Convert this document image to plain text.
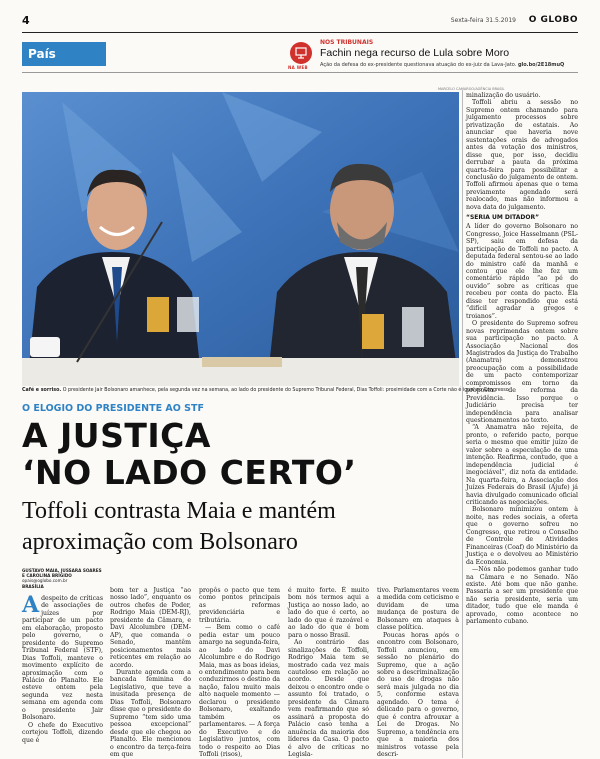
4	Sexta-feira 31.5.2019 O GLOBO
País
NA WEB
NOS TRIBUNAIS
Fachin nega recurso de Lula sobre Moro
Ação da defesa do ex-presidente questionava atuação do ex-juiz da Lava-Jato. glo.bo/2E18muQ
MARCELO CAMARGO/AGÊNCIA BRASIL
Café e sorriso. O presidente Jair Bolsonaro amanhece, pela segunda vez na semana, ao lado do presidente do Supremo Tribunal Federal, Dias Toffoli: proximidade com a Corte não é igual no Congresso
O ELOGIO DO PRESIDENTE AO STF
A JUSTIÇA
‘NO LADO CERTO’
Toffoli contrasta Maia e mantém aproximação com Bolsonaro
GUSTAVO MAIA, JUSSARA SOARES E CAROLINA BRÍGIDO
opais@oglobo.com.br
BRASÍLIA

Adespeito de críticas de associações de juízes por participar de um pacto em elaboração, proposto pelo governo, o presidente do Supremo Tribunal Federal (STF), Dias Toffoli, manteve o movimento explícito de aproximação com o Palácio do Planalto. Ele esteve ontem pela segunda vez nesta semana em agenda com o presidente Jair Bolsonaro.

O chefe do Executivo cortejou Toffoli, dizendo que é

bom ter a Justiça “ao nosso lado”, enquanto os outros chefes de Poder, Rodrigo Maia (DEM-RJ), presidente da Câmara, e Davi Alcolumbre (DEM-AP), que comanda o Senado, mantêm posicionamentos mais reticentes em relação ao acordo.

Durante agenda com a bancada feminina do Legislativo, que teve a inusitada presença de Dias Toffoli, Bolsonaro disse que o presidente do Supremo “tem sido uma pessoa excepcional” desde que ele chegou ao Planalto. Ele mencionou o encontro da terça-feira em que

propôs o pacto que tem como pontos principais as reformas previdenciária e tributária.

— Bem como o café pedia estar um pouco amargo na segunda-feira, ao lado do Davi Alcolumbre e do Rodrigo Maia, mas as boas ideias, o entendimento para bem conduzirmos o destino da nação, falou muito mais alto naquele momento — declarou o presidente Bolsonaro, exaltando também os parlamentares. — A força do Executivo e do Legislativo juntos, com todo o respeito ao Dias Toffoli (risos),

é muito forte. É muito bom nós termos aqui a Justiça ao nosso lado, ao lado do que é certo, ao lado do que é razoável e ao lado do que é bom para o nosso Brasil.

Ao contrário das sinalizações de Toffoli, Rodrigo Maia tem se mostrado cada vez mais cauteloso em relação ao acordo. Desde que deixou o encontro onde o assunto foi tratado, o presidente da Câmara vem reafirmando que só assinará a proposta do Palácio caso tenha a anuência da maioria dos líderes da Casa. O pacto é alvo de críticas no Legisla-

tivo. Parlamentares veem a medida com ceticismo e duvidam de uma mudança de postura de Bolsonaro em ataques à classe política.

Poucas horas após o encontro com Bolsonaro, Toffoli anunciou, em sessão no plenário do Supremo, que a ação sobre a descriminalização do uso de drogas não será mais julgada no dia 5, conforme estava agendado. O tema é delicado para o governo, que é contra afrouxar a Lei de Drogas. No Supremo, a tendência era que a maioria dos ministros votasse pela descri-

minalização do usuário.

Toffoli abriu a sessão no Supremo ontem chamando para julgamento processos sobre privatização de estatais. Ao anunciar que haveria nove sustentações orais de advogados antes da votação dos ministros, disse que, por isso, decidiu derrubar a pauta da próxima quarta-feira para possibilitar a conclusão do julgamento de ontem. Toffoli afirmou apenas que o tema previamente agendado será realocado, mas não informou a nova data do julgamento.

“SERIA UM DITADOR”

A líder do governo Bolsonaro no Congresso, Joice Hasselmann (PSL-SP), saiu em defesa da participação de Toffoli no pacto. A deputada federal sentou-se ao lado do ministro café da manhã e contou que ele lhe fez um comentário rápido “ao pé do ouvido” sobre as críticas que recebeu por conta do pacto. Ela disse ter respondido que está “difícil agradar a gregos e troianos”.

O presidente do Supremo sofreu novas reprimendas ontem sobre sua participação no pacto. A Associação Nacional dos Magistrados da Justiça do Trabalho (Anamatra) demonstrou preocupação com a possibilidade de um pacto contemporizar compromissos em torno da proposta de reforma da Previdência. Isso porque o Judiciário precisa ter independência para analisar questionamentos ao texto.

“A Anamatra não rejeita, de pronto, o referido pacto, porque seria o mesmo que emitir juízo de valor sobre a especulação de uma intenção. Reafirma, contudo, que a independência judicial é inegociável”, diz nota da entidade. Na quarta-feira, a Associação dos Juízes Federais do Brasil (Ajufe) já havia divulgado comunicado oficial criticando as negociações.

Bolsonaro minimizou ontem à noite, nas redes sociais, a oferta que o governo sofreu no Congresso, que retirou o Conselho de Controle de Atividades Financeiras (Coaf) do Ministério da Justiça e o devolveu ao Ministério da Economia.

—Nós não podemos ganhar tudo na Câmara e no Senado. Não existe. Até bom que não ganhe. Passaria a ser um presidente que não seria presidente, seria um ditador, tudo que ele manda é aprovado, como acontece no parlamento cubano.
